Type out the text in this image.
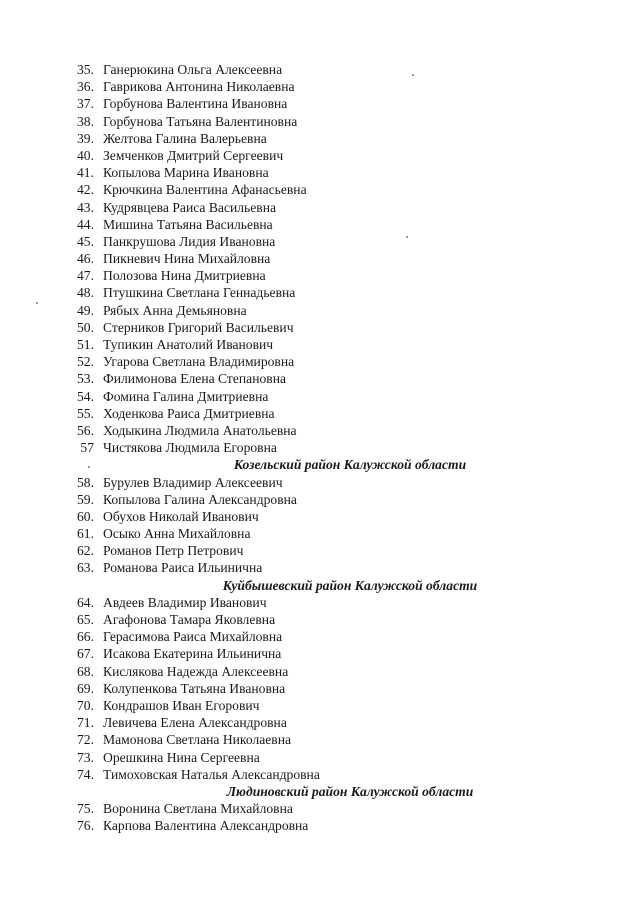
35. Ганерюкина Ольга Алексеевна
36. Гаврикова Антонина Николаевна
37. Горбунова Валентина Ивановна
38. Горбунова Татьяна Валентиновна
39. Желтова Галина Валерьевна
40. Земченков Дмитрий Сергеевич
41. Копылова Марина Ивановна
42. Крючкина Валентина Афанасьевна
43. Кудрявцева Раиса Васильевна
44. Мишина Татьяна Васильевна
45. Панкрушова Лидия Ивановна
46. Пикневич Нина Михайловна
47. Полозова Нина Дмитриевна
48. Птушкина Светлана Геннадьевна
49. Рябых Анна Демьяновна
50. Стерников Григорий Васильевич
51. Тупикин Анатолий Иванович
52. Угарова Светлана Владимировна
53. Филимонова Елена Степановна
54. Фомина Галина Дмитриевна
55. Ходенкова Раиса Дмитриевна
56. Ходыкина Людмила Анатольевна
57 Чистякова Людмила Егоровна
Козельский район Калужской области
58. Бурулев Владимир Алексеевич
59. Копылова Галина Александровна
60. Обухов Николай Иванович
61. Осыко Анна Михайловна
62. Романов Петр Петрович
63. Романова Раиса Ильинична
Куйбышевский район Калужской области
64. Авдеев Владимир Иванович
65. Агафонова Тамара Яковлевна
66. Герасимова Раиса Михайловна
67. Исакова Екатерина Ильинична
68. Кислякова Надежда Алексеевна
69. Колупенкова Татьяна Ивановна
70. Кондрашов Иван Егорович
71. Левичева Елена Александровна
72. Мамонова Светлана Николаевна
73. Орешкина Нина Сергеевна
74. Тимоховская Наталья Александровна
Людиновский район Калужской области
75. Воронина Светлана Михайловна
76. Карпова Валентина Александровна
